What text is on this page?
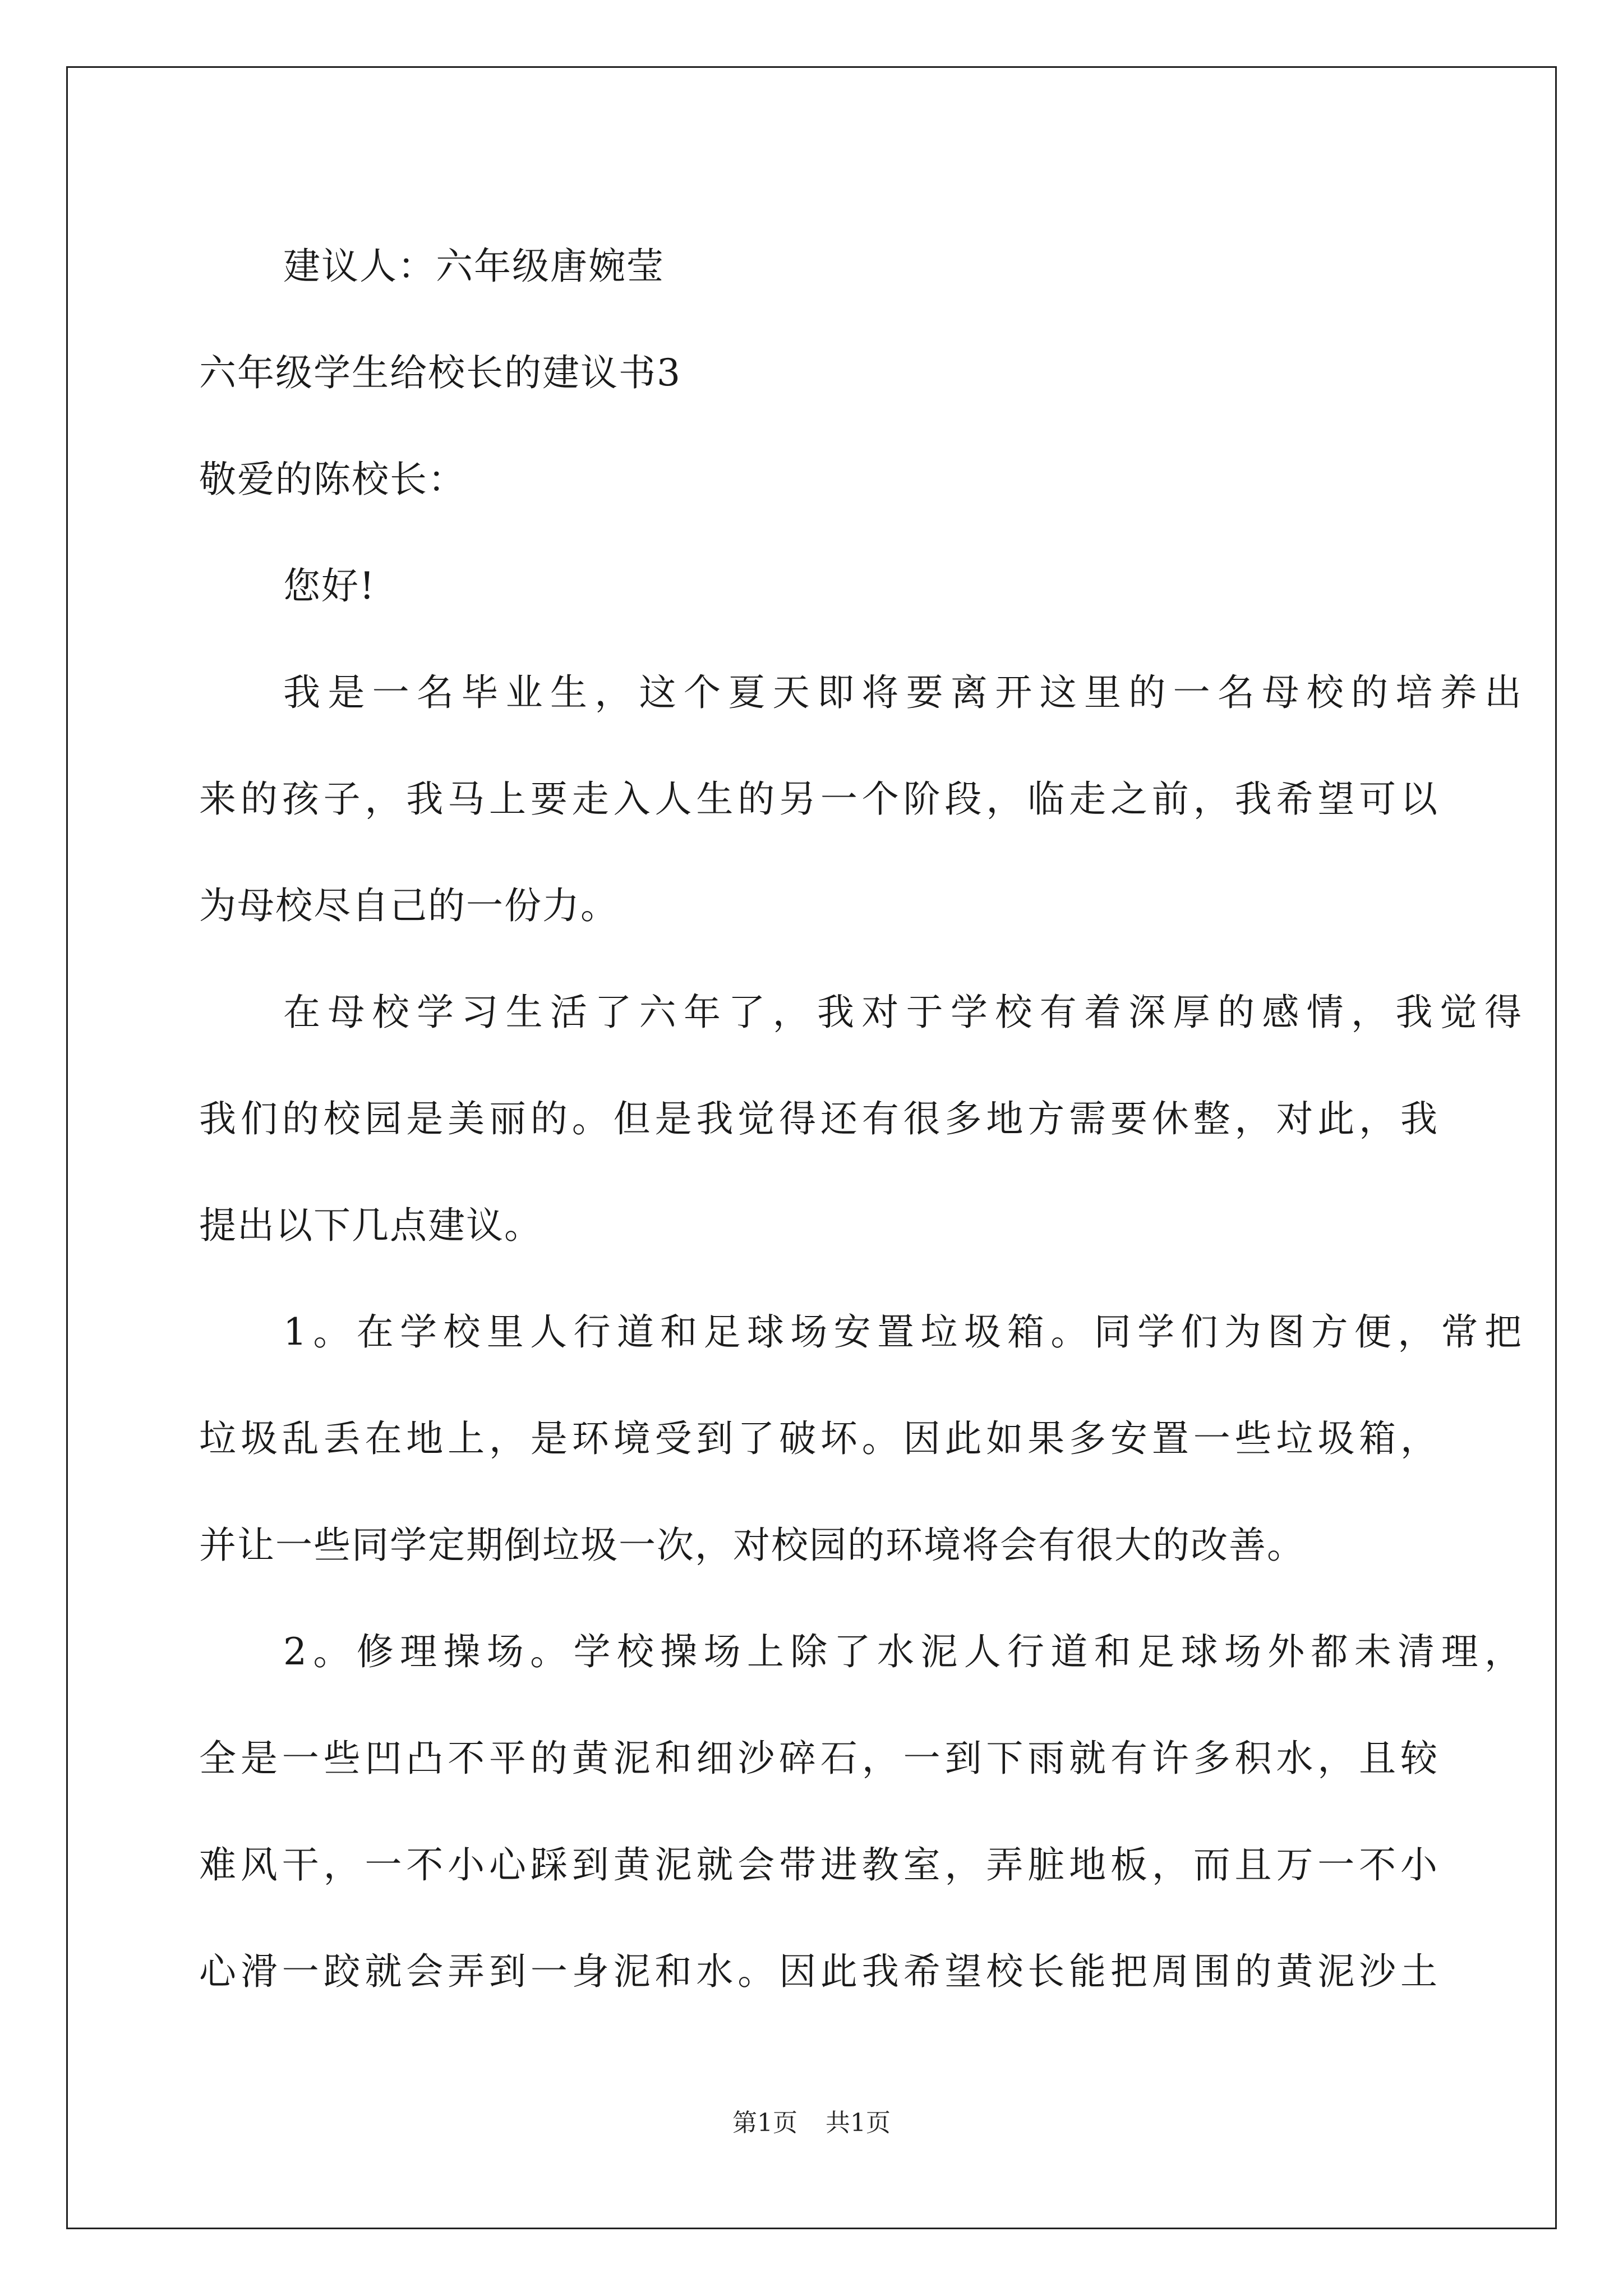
建议人：六年级唐婉莹

六年级学生给校长的建议书3

敬爱的陈校长：

您好!

我是一名毕业生，这个夏天即将要离开这里的一名母校的培养出

来的孩子，我马上要走入人生的另一个阶段，临走之前，我希望可以

为母校尽自己的一份力。

在母校学习生活了六年了，我对于学校有着深厚的感情，我觉得

我们的校园是美丽的。但是我觉得还有很多地方需要休整，对此，我

提出以下几点建议。

1。在学校里人行道和足球场安置垃圾箱。同学们为图方便，常把

垃圾乱丢在地上，是环境受到了破坏。因此如果多安置一些垃圾箱，

并让一些同学定期倒垃圾一次，对校园的环境将会有很大的改善。

2。修理操场。学校操场上除了水泥人行道和足球场外都未清理，

全是一些凹凸不平的黄泥和细沙碎石，一到下雨就有许多积水，且较

难风干，一不小心踩到黄泥就会带进教室，弄脏地板，而且万一不小

心滑一跤就会弄到一身泥和水。因此我希望校长能把周围的黄泥沙土

第1页 共1页
